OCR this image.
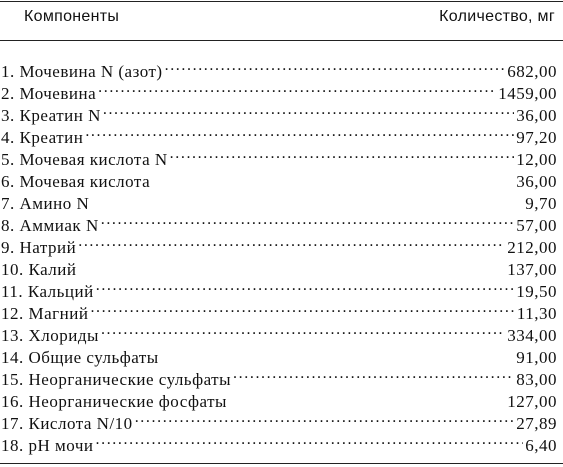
Компоненты	Количество, мг
1. Мочевина N (азот) . . .	682,00
2. Мочевина . . .	1459,00
3. Креатин N . . .	36,00
4. Креатин . . .	97,20
5. Мочевая кислота N . . .	12,00
6. Мочевая кислота	36,00
7. Амино N	9,70
8. Аммиак N . . .	57,00
9. Натрий . . .	212,00
10. Калий	137,00
11. Кальций . . .	19,50
12. Магний . . .	11,30
13. Хлориды . . .	334,00
14. Общие сульфаты	91,00
15. Неорганические сульфаты . . .	83,00
16. Неорганические фосфаты	127,00
17. Кислота N/10 . . .	27,89
18. pH мочи . . .	6,40
